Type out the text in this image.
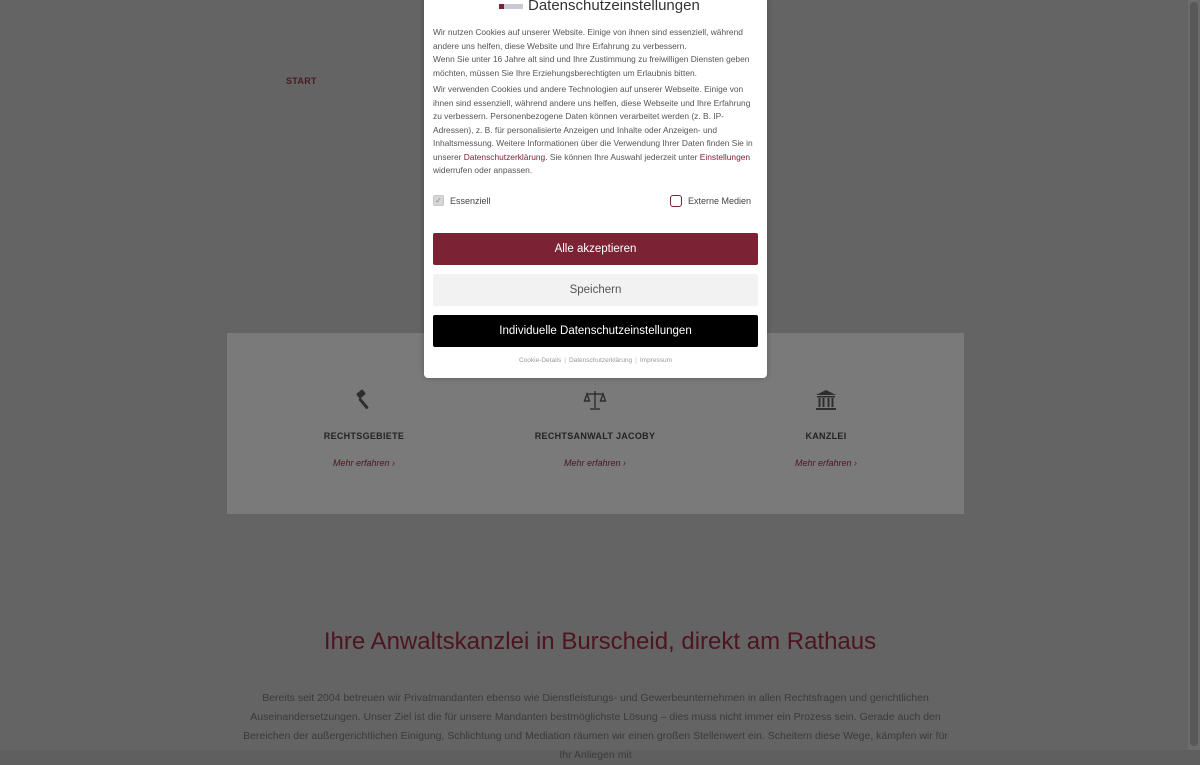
START
RECHTSGEBIETE
Mehr erfahren ›
RECHTSANWALT JACOBY
Mehr erfahren ›
KANZLEI
Mehr erfahren ›
Ihre Anwaltskanzlei in Burscheid, direkt am Rathaus
Bereits seit 2004 betreuen wir Privatmandanten ebenso wie Dienstleistungs- und Gewerbeunternehmen in allen Rechtsfragen und gerichtlichen Auseinandersetzungen. Unser Ziel ist die für unsere Mandanten bestmöglichste Lösung – dies muss nicht immer ein Prozess sein. Gerade auch den Bereichen der außergerichtlichen Einigung, Schlichtung und Mediation räumen wir einen großen Stellenwert ein. Scheitern diese Wege, kämpfen wir für Ihr Anliegen mit
Datenschutzeinstellungen

Wir nutzen Cookies auf unserer Website. Einige von ihnen sind essenziell, während andere uns helfen, diese Website und Ihre Erfahrung zu verbessern.

Wenn Sie unter 16 Jahre alt sind und Ihre Zustimmung zu freiwilligen Diensten geben möchten, müssen Sie Ihre Erziehungsberechtigten um Erlaubnis bitten.

Wir verwenden Cookies und andere Technologien auf unserer Webseite. Einige von ihnen sind essenziell, während andere uns helfen, diese Webseite und Ihre Erfahrung zu verbessern. Personenbezogene Daten können verarbeitet werden (z. B. IP-Adressen), z. B. für personalisierte Anzeigen und Inhalte oder Anzeigen- und Inhaltsmessung. Weitere Informationen über die Verwendung Ihrer Daten finden Sie in unserer Datenschutzerklärung. Sie können Ihre Auswahl jederzeit unter Einstellungen widerrufen oder anpassen.

✓ Essenziell	Externe Medien
Alle akzeptieren
Speichern
Individuelle Datenschutzeinstellungen
Cookie-Details | Datenschutzerklärung | Impressum
